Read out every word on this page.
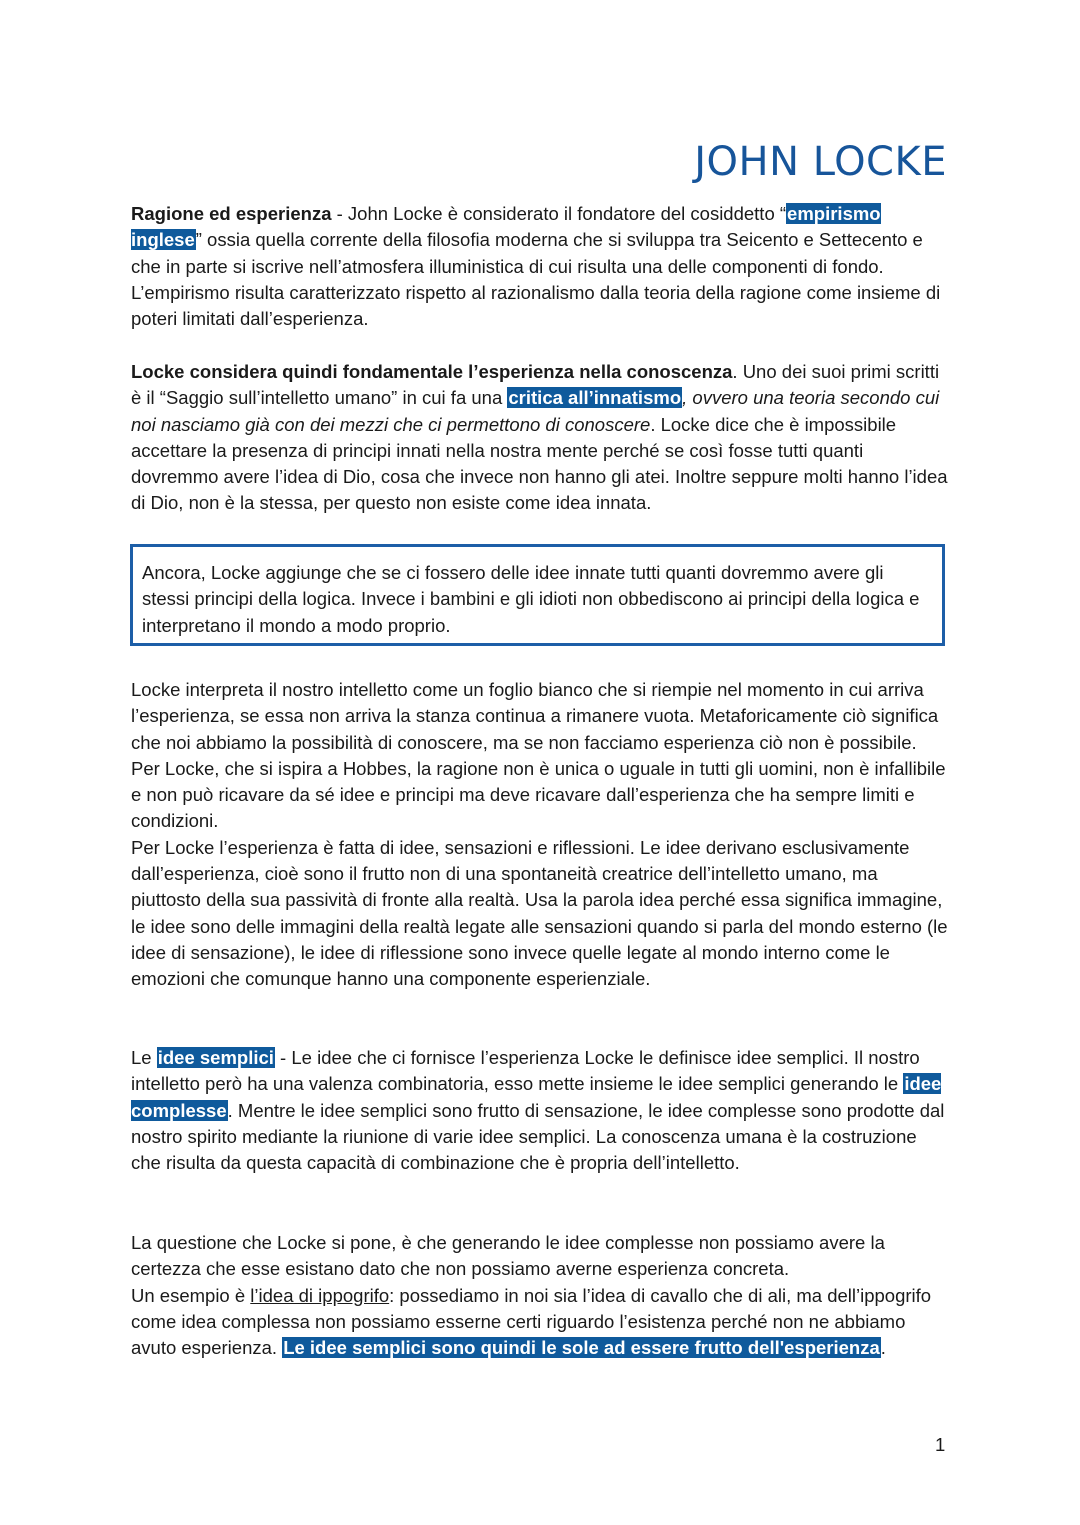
JOHN LOCKE

Ragione ed esperienza - John Locke è considerato il fondatore del cosiddetto “empirismo inglese” ossia quella corrente della filosofia moderna che si sviluppa tra Seicento e Settecento e che in parte si iscrive nell’atmosfera illuministica di cui risulta una delle componenti di fondo. L’empirismo risulta caratterizzato rispetto al razionalismo dalla teoria della ragione come insieme di poteri limitati dall’esperienza.

Locke considera quindi fondamentale l’esperienza nella conoscenza. Uno dei suoi primi scritti è il “Saggio sull’intelletto umano” in cui fa una critica all’innatismo, ovvero una teoria secondo cui noi nasciamo già con dei mezzi che ci permettono di conoscere. Locke dice che è impossibile accettare la presenza di principi innati nella nostra mente perché se così fosse tutti quanti dovremmo avere l’idea di Dio, cosa che invece non hanno gli atei. Inoltre seppure molti hanno l’idea di Dio, non è la stessa, per questo non esiste come idea innata.

Ancora, Locke aggiunge che se ci fossero delle idee innate tutti quanti dovremmo avere gli stessi principi della logica. Invece i bambini e gli idioti non obbediscono ai principi della logica e interpretano il mondo a modo proprio.

Locke interpreta il nostro intelletto come un foglio bianco che si riempie nel momento in cui arriva l’esperienza, se essa non arriva la stanza continua a rimanere vuota. Metaforicamente ciò significa che noi abbiamo la possibilità di conoscere, ma se non facciamo esperienza ciò non è possibile. Per Locke, che si ispira a Hobbes, la ragione non è unica o uguale in tutti gli uomini, non è infallibile e non può ricavare da sé idee e principi ma deve ricavare dall’esperienza che ha sempre limiti e condizioni.
Per Locke l’esperienza è fatta di idee, sensazioni e riflessioni. Le idee derivano esclusivamente dall’esperienza, cioè sono il frutto non di una spontaneità creatrice dell’intelletto umano, ma piuttosto della sua passività di fronte alla realtà. Usa la parola idea perché essa significa immagine, le idee sono delle immagini della realtà legate alle sensazioni quando si parla del mondo esterno (le idee di sensazione), le idee di riflessione sono invece quelle legate al mondo interno come le emozioni che comunque hanno una componente esperienziale.

Le idee semplici - Le idee che ci fornisce l’esperienza Locke le definisce idee semplici. Il nostro intelletto però ha una valenza combinatoria, esso mette insieme le idee semplici generando le idee complesse. Mentre le idee semplici sono frutto di sensazione, le idee complesse sono prodotte dal nostro spirito mediante la riunione di varie idee semplici. La conoscenza umana è la costruzione che risulta da questa capacità di combinazione che è propria dell’intelletto.

La questione che Locke si pone, è che generando le idee complesse non possiamo avere la certezza che esse esistano dato che non possiamo averne esperienza concreta.
Un esempio è l’idea di ippogrifo: possediamo in noi sia l’idea di cavallo che di ali, ma dell’ippogrifo come idea complessa non possiamo esserne certi riguardo l’esistenza perché non ne abbiamo avuto esperienza. Le idee semplici sono quindi le sole ad essere frutto dell'esperienza.

1
